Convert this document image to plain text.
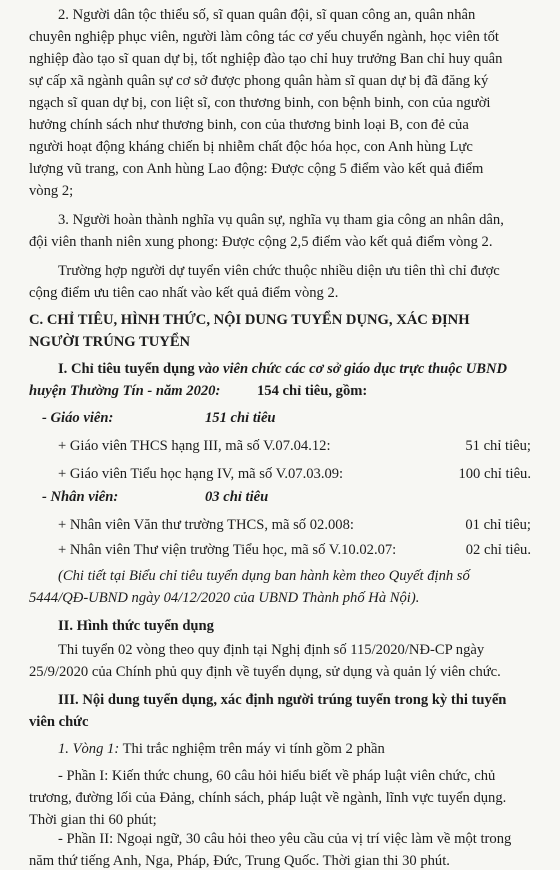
2. Người dân tộc thiểu số, sĩ quan quân đội, sĩ quan công an, quân nhân
chuyên nghiệp phục viên, người làm công tác cơ yếu chuyển ngành, học viên tốt
nghiệp đào tạo sĩ quan dự bị, tốt nghiệp đào tạo chỉ huy trưởng Ban chỉ huy quân
sự cấp xã ngành quân sự cơ sở được phong quân hàm sĩ quan dự bị đã đăng ký
ngạch sĩ quan dự bị, con liệt sĩ, con thương binh, con bệnh binh, con của người
hưởng chính sách như thương binh, con của thương binh loại B, con đẻ của
người hoạt động kháng chiến bị nhiễm chất độc hóa học, con Anh hùng Lực
lượng vũ trang, con Anh hùng Lao động: Được cộng 5 điểm vào kết quả điểm
vòng 2;
3. Người hoàn thành nghĩa vụ quân sự, nghĩa vụ tham gia công an nhân dân,
đội viên thanh niên xung phong: Được cộng 2,5 điểm vào kết quả điểm vòng 2.
Trường hợp người dự tuyển viên chức thuộc nhiều diện ưu tiên thì chỉ được
cộng điểm ưu tiên cao nhất vào kết quả điểm vòng 2.
C. CHỈ TIÊU, HÌNH THỨC, NỘI DUNG TUYỂN DỤNG, XÁC ĐỊNH
NGƯỜI TRÚNG TUYỂN
I. Chỉ tiêu tuyển dụng vào viên chức các cơ sở giáo dục trực thuộc UBND
huyện Thường Tín - năm 2020:	154 chỉ tiêu, gồm:
- Giáo viên:	151 chỉ tiêu
+ Giáo viên THCS hạng III, mã số V.07.04.12:	51 chỉ tiêu;
+ Giáo viên Tiểu học hạng IV, mã số V.07.03.09:	100 chỉ tiêu.
- Nhân viên:	03 chỉ tiêu
+ Nhân viên Văn thư trường THCS, mã số 02.008:	01 chỉ tiêu;
+ Nhân viên Thư viện trường Tiểu học, mã số V.10.02.07:	02 chỉ tiêu.
(Chi tiết tại Biểu chỉ tiêu tuyển dụng ban hành kèm theo Quyết định số
5444/QĐ-UBND ngày 04/12/2020 của UBND Thành phố Hà Nội).
II. Hình thức tuyển dụng
Thi tuyển 02 vòng theo quy định tại Nghị định số 115/2020/NĐ-CP ngày
25/9/2020 của Chính phủ quy định về tuyển dụng, sử dụng và quản lý viên chức.
III. Nội dung tuyển dụng, xác định người trúng tuyển trong kỳ thi tuyển
viên chức
1. Vòng 1: Thi trắc nghiệm trên máy vi tính gồm 2 phần
- Phần I: Kiến thức chung, 60 câu hỏi hiểu biết về pháp luật viên chức, chủ
trương, đường lối của Đảng, chính sách, pháp luật về ngành, lĩnh vực tuyển dụng.
Thời gian thi 60 phút;
- Phần II: Ngoại ngữ, 30 câu hỏi theo yêu cầu của vị trí việc làm về một trong
năm thứ tiếng Anh, Nga, Pháp, Đức, Trung Quốc. Thời gian thi 30 phút.
